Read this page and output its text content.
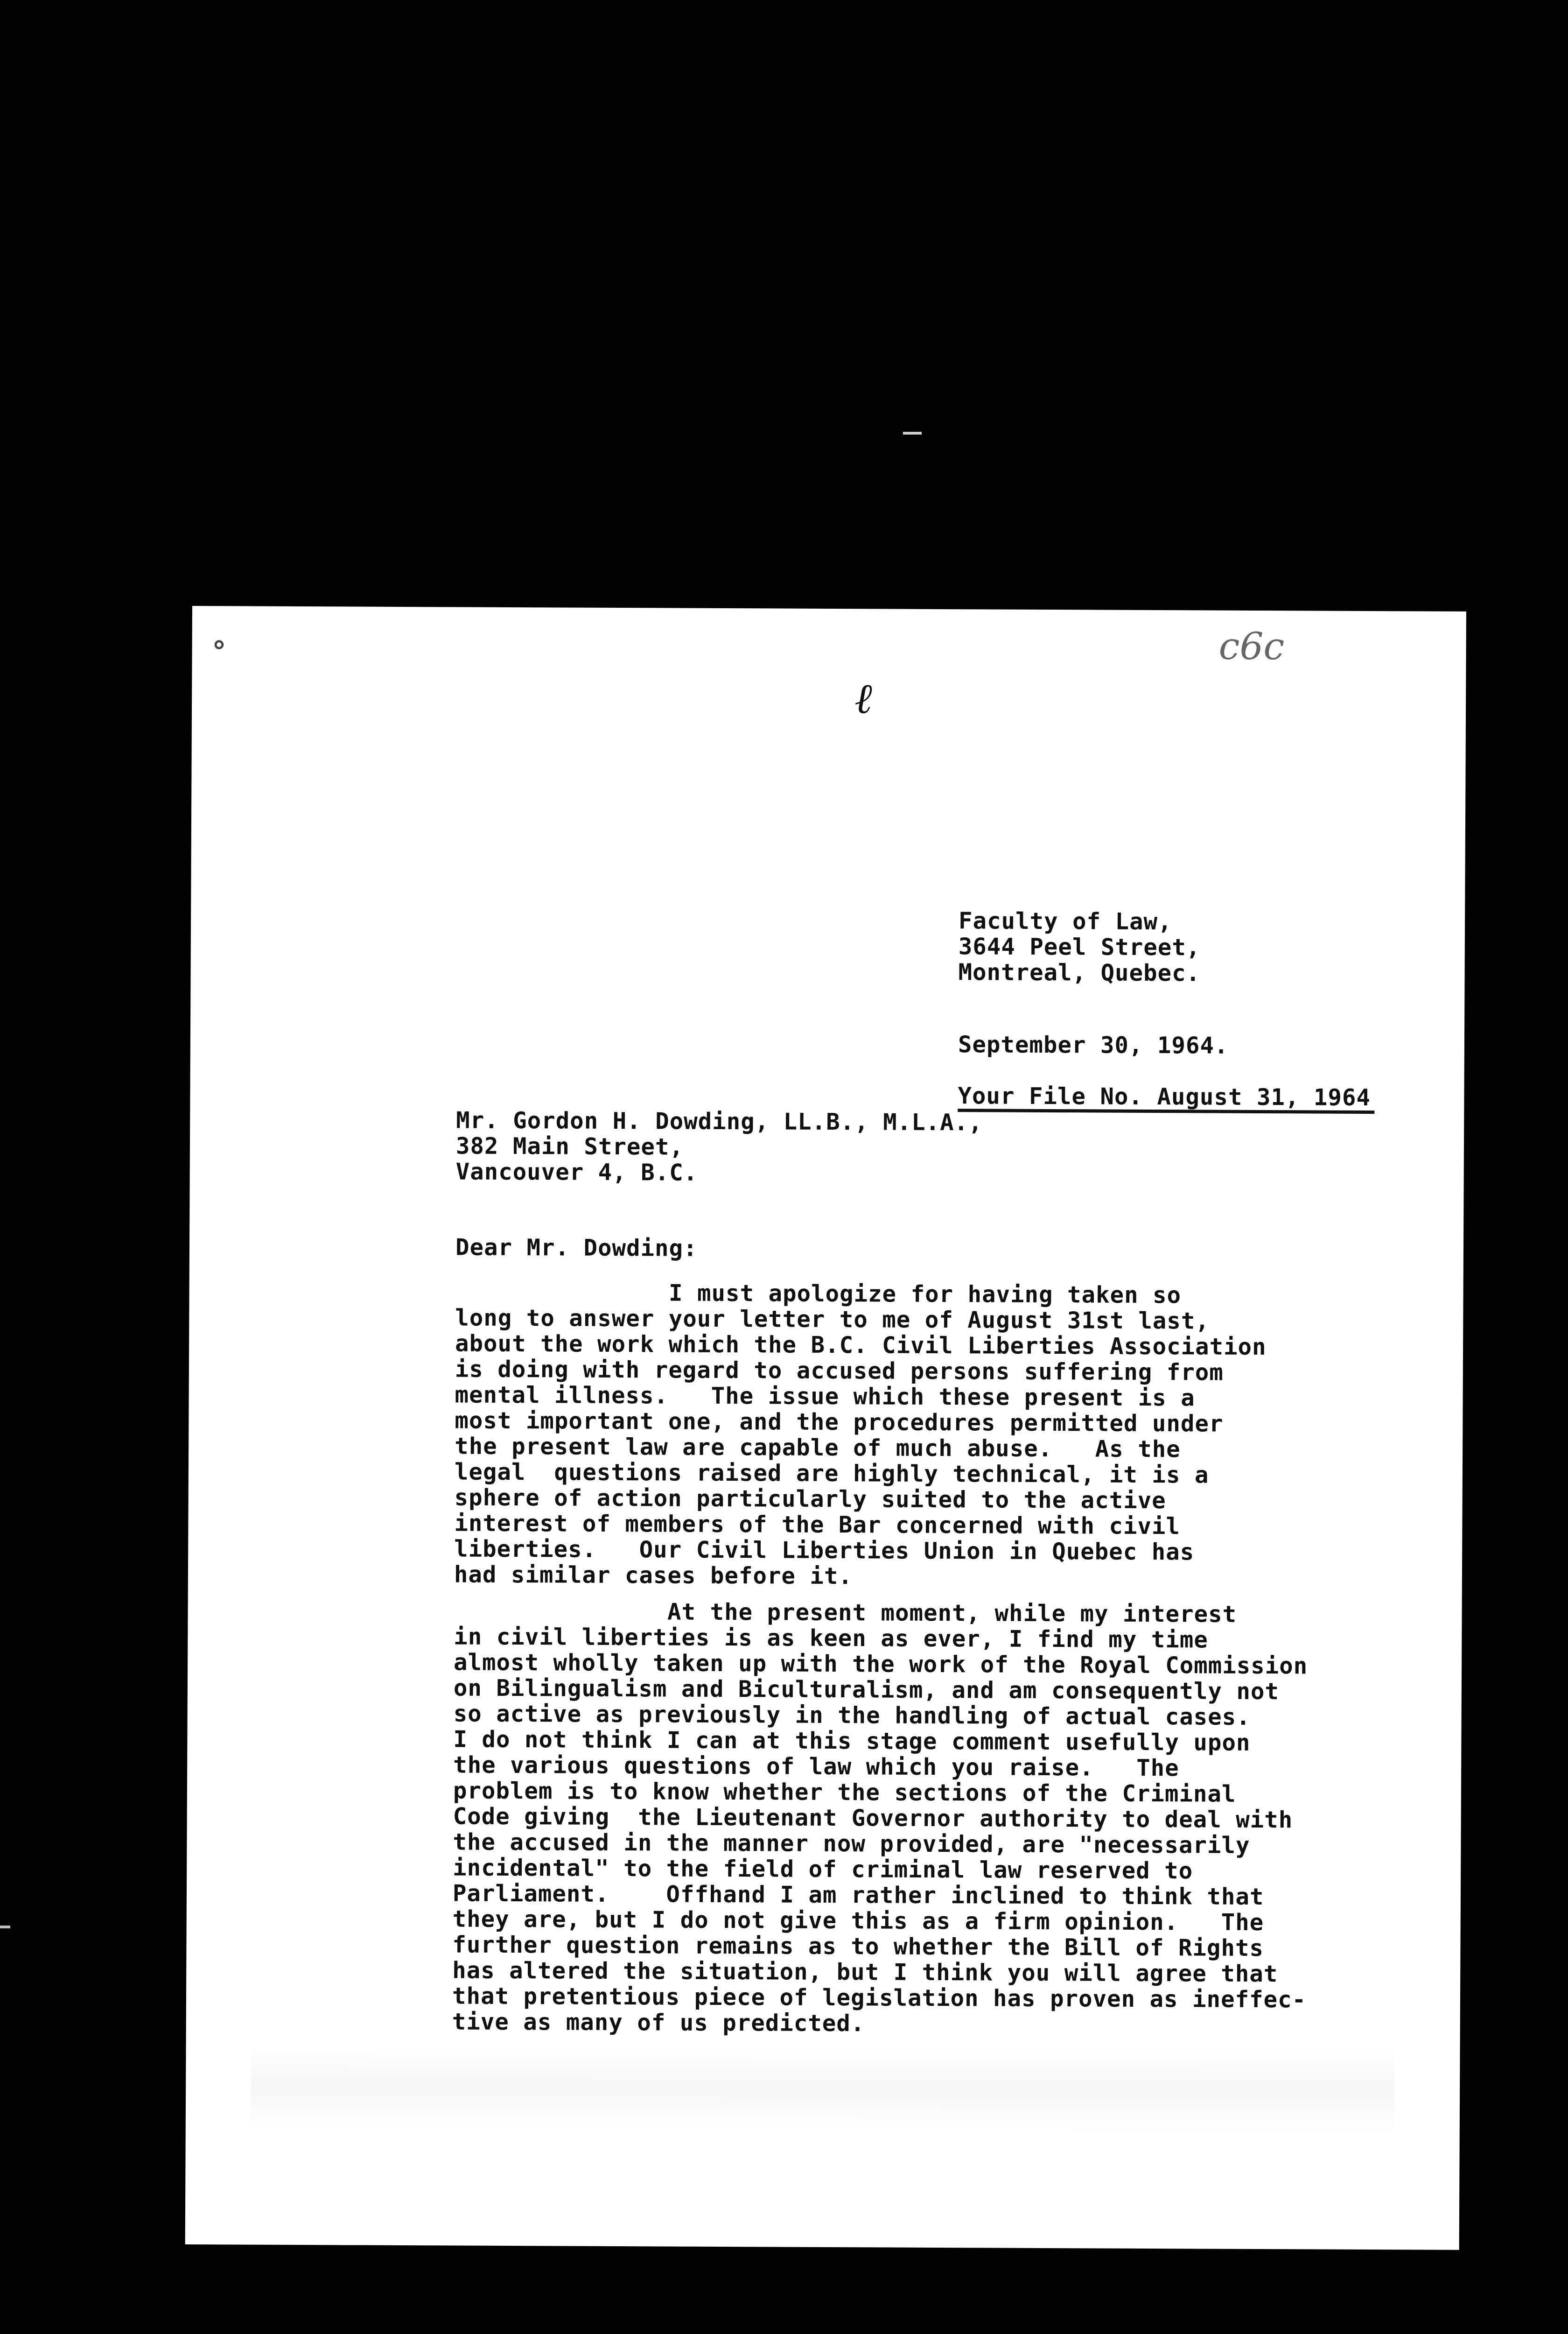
∘	c6c
ℓ
Faculty of Law,
3644 Peel Street,
Montreal, Quebec.
September 30, 1964.
Your File No. August 31, 1964
Mr. Gordon H. Dowding, LL.B., M.L.A.,
382 Main Street,
Vancouver 4, B.C.
Dear Mr. Dowding:
I must apologize for having taken so
long to answer your letter to me of August 31st last,
about the work which the B.C. Civil Liberties Association
is doing with regard to accused persons suffering from
mental illness.   The issue which these present is a
most important one, and the procedures permitted under
the present law are capable of much abuse.   As the
legal  questions raised are highly technical, it is a
sphere of action particularly suited to the active
interest of members of the Bar concerned with civil
liberties.   Our Civil Liberties Union in Quebec has
had similar cases before it.
At the present moment, while my interest
in civil liberties is as keen as ever, I find my time
almost wholly taken up with the work of the Royal Commission
on Bilingualism and Biculturalism, and am consequently not
so active as previously in the handling of actual cases.
I do not think I can at this stage comment usefully upon
the various questions of law which you raise.   The
problem is to know whether the sections of the Criminal
Code giving  the Lieutenant Governor authority to deal with
the accused in the manner now provided, are "necessarily
incidental" to the field of criminal law reserved to
Parliament.    Offhand I am rather inclined to think that
they are, but I do not give this as a firm opinion.   The
further question remains as to whether the Bill of Rights
has altered the situation, but I think you will agree that
that pretentious piece of legislation has proven as ineffec-
tive as many of us predicted.
